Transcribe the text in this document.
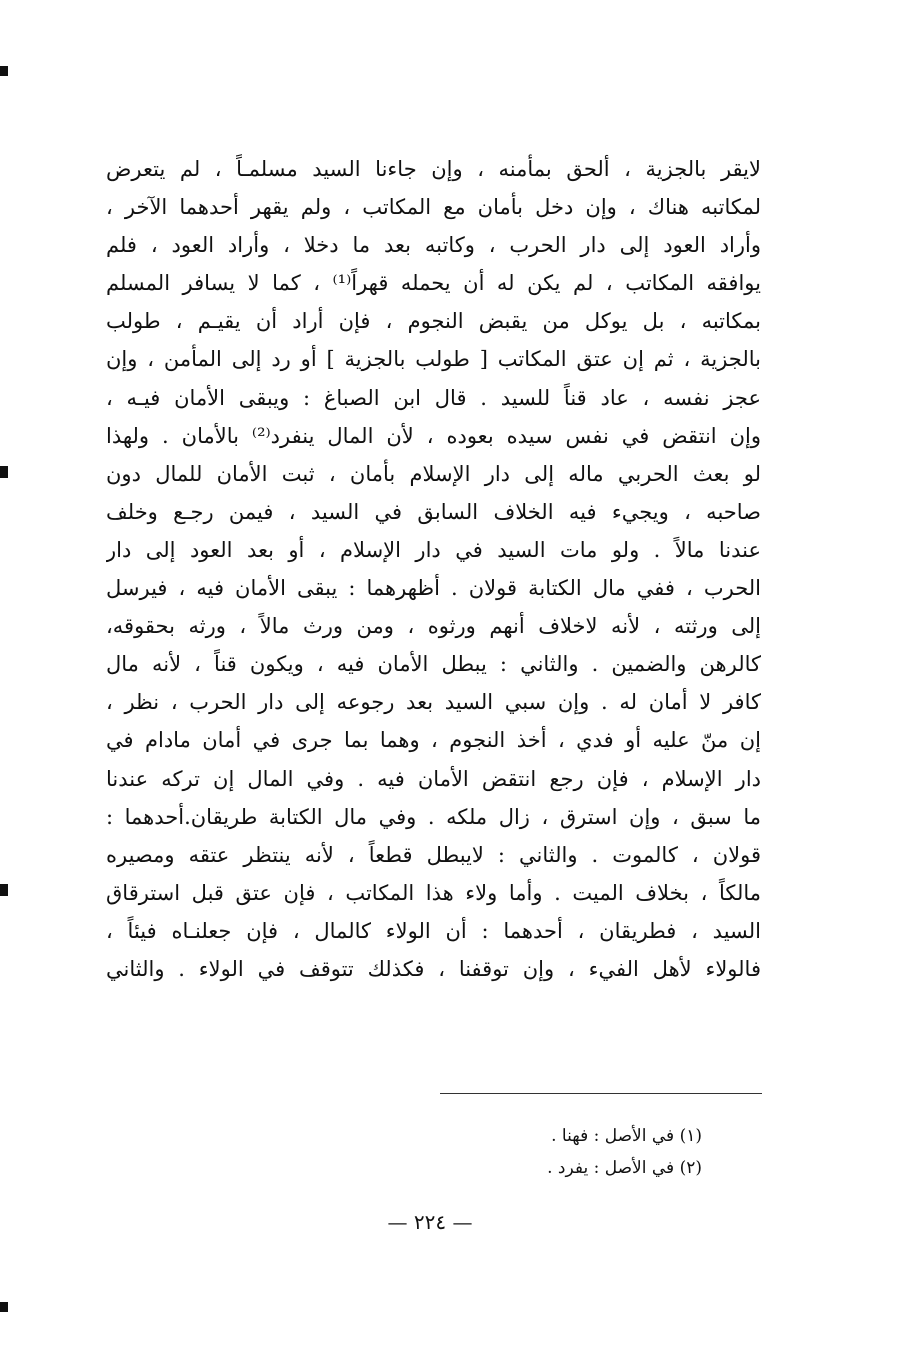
لايقر بالجزية ، ألحق بمأمنه ، وإن جاءنا السيد مسلمـاً ، لم يتعرض
لمكاتبه هناك ، وإن دخل بأمان مع المكاتب ، ولم يقهر أحدهما الآخر ،
وأراد العود إلى دار الحرب ، وكاتبه بعد ما دخلا ، وأراد العود ، فلم
يوافقه المكاتب ، لم يكن له أن يحمله قهراً⁽¹⁾ ، كما لا يسافر المسلم
بمكاتبه ، بل يوكل من يقبض النجوم ، فإن أراد أن يقيـم ، طولب
بالجزية ، ثم إن عتق المكاتب [ طولب بالجزية ] أو رد إلى المأمن ، وإن
عجز نفسه ، عاد قناً للسيد . قال ابن الصباغ : ويبقى الأمان فيـه ،
وإن انتقض في نفس سيده بعوده ، لأن المال ينفرد⁽²⁾ بالأمان . ولهذا
لو بعث الحربي ماله إلى دار الإسلام بأمان ، ثبت الأمان للمال دون
صاحبه ، ويجيء فيه الخلاف السابق في السيد ، فيمن رجـع وخلف
عندنا مالاً . ولو مات السيد في دار الإسلام ، أو بعد العود إلى دار
الحرب ، ففي مال الكتابة قولان . أظهرهما : يبقى الأمان فيه ، فيرسل
إلى ورثته ، لأنه لاخلاف أنهم ورثوه ، ومن ورث مالاً ، ورثه بحقوقه،
كالرهن والضمين . والثاني : يبطل الأمان فيه ، ويكون قناً ، لأنه مال
كافر لا أمان له . وإن سبي السيد بعد رجوعه إلى دار الحرب ، نظر ،
إن منّ عليه أو فدي ، أخذ النجوم ، وهما بما جرى في أمان مادام في
دار الإسلام ، فإن رجع انتقض الأمان فيه . وفي المال إن تركه عندنا
ما سبق ، وإن استرق ، زال ملكه . وفي مال الكتابة طريقان.أحدهما :
قولان ، كالموت . والثاني : لايبطل قطعاً ، لأنه ينتظر عتقه ومصيره
مالكاً ، بخلاف الميت . وأما ولاء هذا المكاتب ، فإن عتق قبل استرقاق
السيد ، فطريقان ، أحدهما : أن الولاء كالمال ، فإن جعلنـاه فيئاً ،
فالولاء لأهل الفيء ، وإن توقفنا ، فكذلك تتوقف في الولاء . والثاني
(١) في الأصل : فهنا .
(٢) في الأصل : يفرد .
— ٢٢٤ —
